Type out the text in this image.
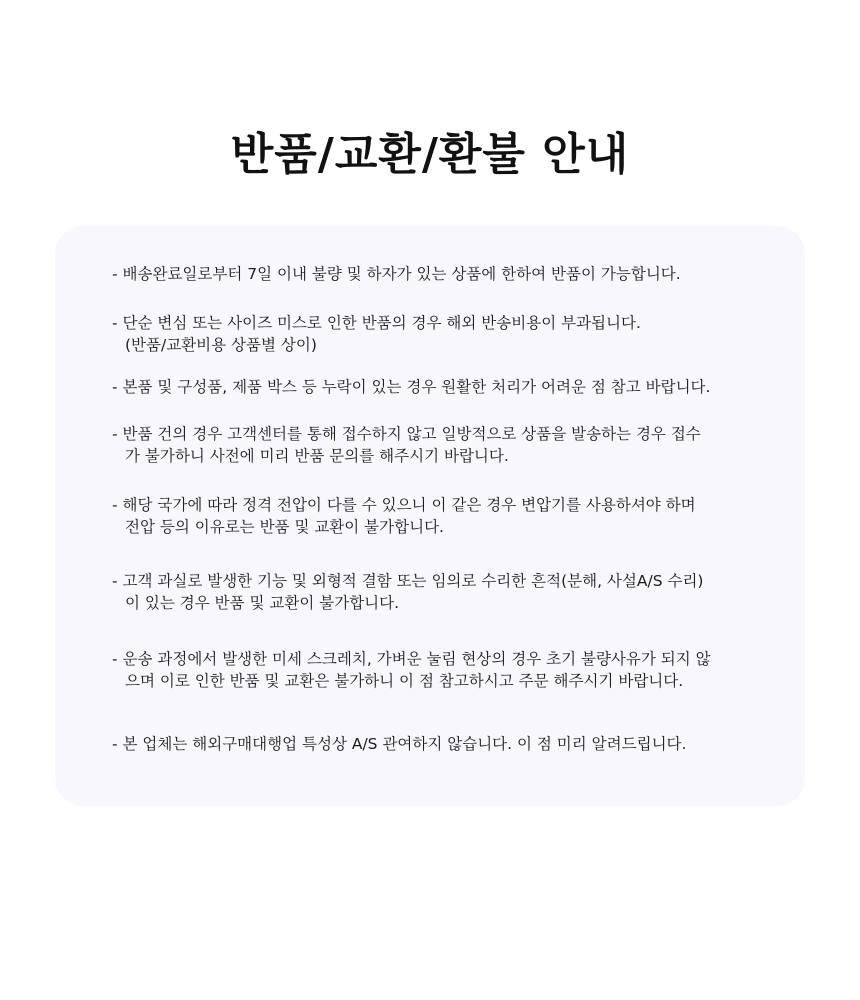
반품/교환/환불 안내
- 배송완료일로부터 7일 이내 불량 및 하자가 있는 상품에 한하여 반품이 가능합니다.
- 단순 변심 또는 사이즈 미스로 인한 반품의 경우 해외 반송비용이 부과됩니다.
(반품/교환비용 상품별 상이)
- 본품 및 구성품, 제품 박스 등 누락이 있는 경우 원활한 처리가 어려운 점 참고 바랍니다.
- 반품 건의 경우 고객센터를 통해 접수하지 않고 일방적으로 상품을 발송하는 경우 접수
가 불가하니 사전에 미리 반품 문의를 해주시기 바랍니다.
- 해당 국가에 따라 정격 전압이 다를 수 있으니 이 같은 경우 변압기를 사용하셔야 하며
전압 등의 이유로는 반품 및 교환이 불가합니다.
- 고객 과실로 발생한 기능 및 외형적 결함 또는 임의로 수리한 흔적(분해, 사설A/S 수리)
이 있는 경우 반품 및 교환이 불가합니다.
- 운송 과정에서 발생한 미세 스크레치, 가벼운 눌림 현상의 경우 초기 불량사유가 되지 않
으며 이로 인한 반품 및 교환은 불가하니 이 점 참고하시고 주문 해주시기 바랍니다.
- 본 업체는 해외구매대행업 특성상 A/S 관여하지 않습니다. 이 점 미리 알려드립니다.
